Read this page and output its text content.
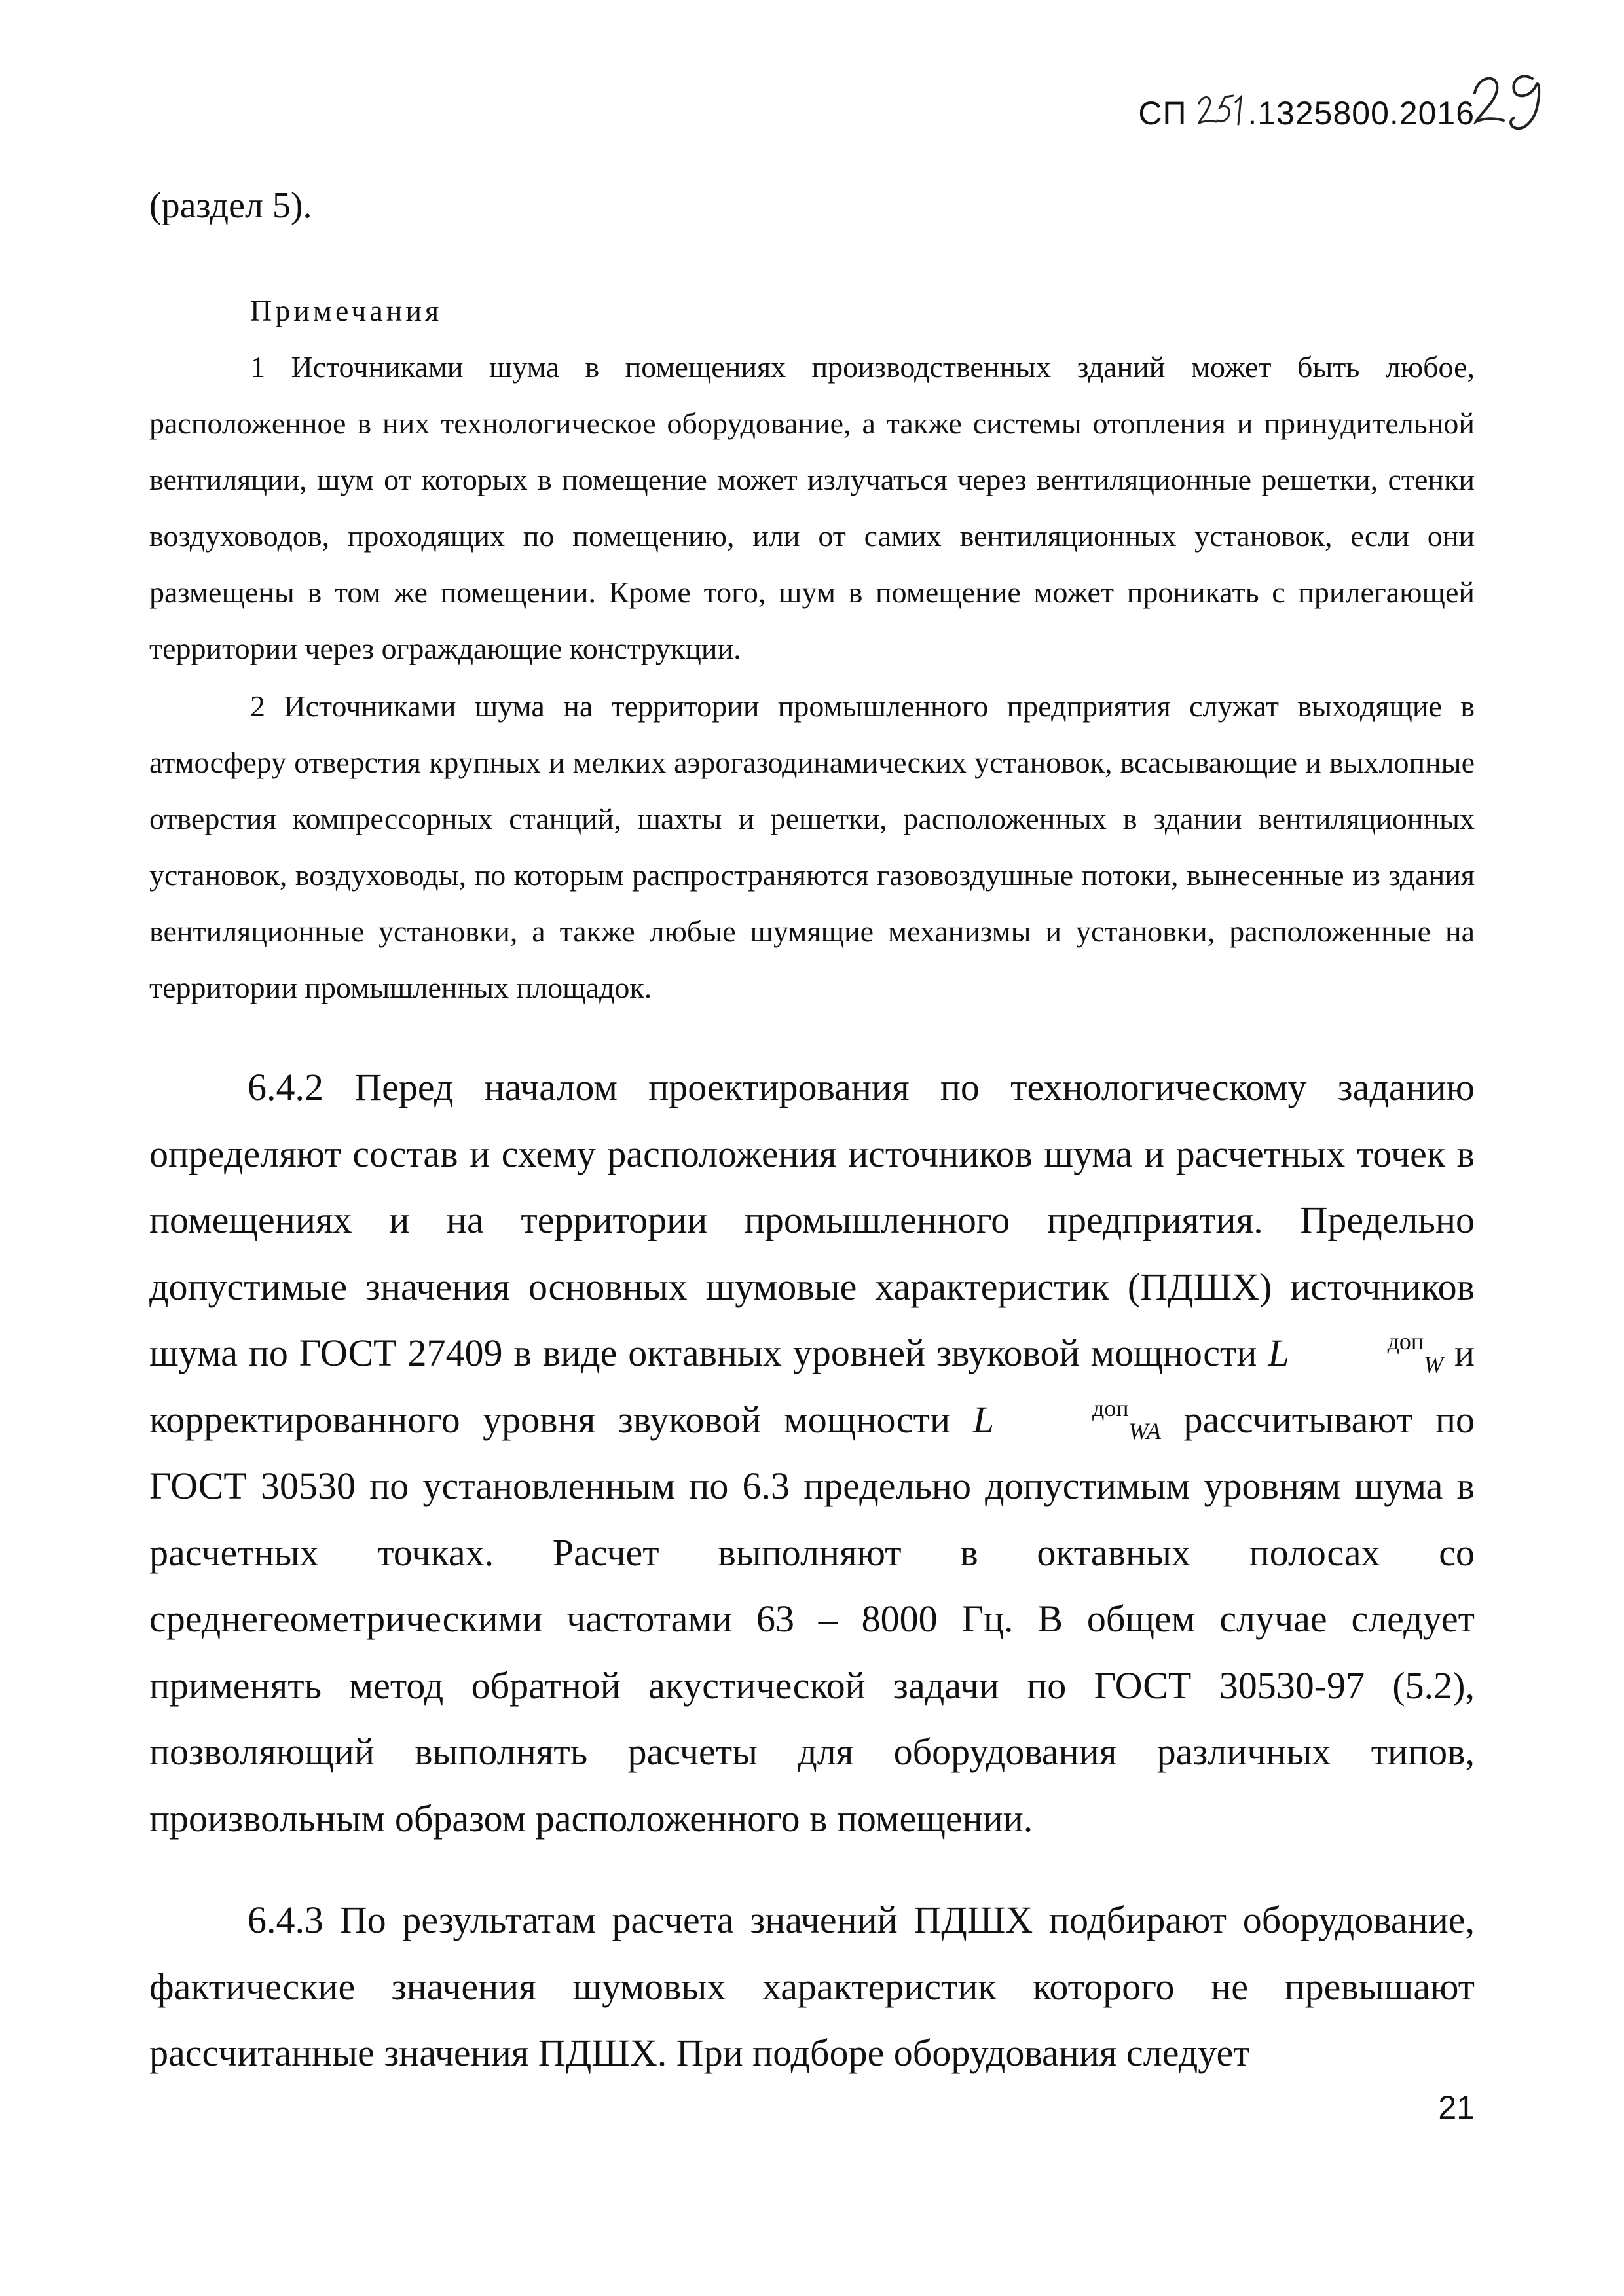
СП .1325800.2016
(раздел 5).
Примечания

1 Источниками шума в помещениях производственных зданий может быть любое, расположенное в них технологическое оборудование, а также системы отопления и принудительной вентиляции, шум от которых в помещение может излучаться через вентиляционные решетки, стенки воздуховодов, проходящих по помещению, или от самих вентиляционных установок, если они размещены в том же помещении. Кроме того, шум в помещение может проникать с прилегающей территории через ограждающие конструкции.

2 Источниками шума на территории промышленного предприятия служат выходящие в атмосферу отверстия крупных и мелких аэрогазодинамических установок, всасывающие и выхлопные отверстия компрессорных станций, шахты и решетки, расположенных в здании вентиляционных установок, воздуховоды, по которым распространяются газовоздушные потоки, вынесенные из здания вентиляционные установки, а также любые шумящие механизмы и установки, расположенные на территории промышленных площадок.

6.4.2 Перед началом проектирования по технологическому заданию определяют состав и схему расположения источников шума и расчетных точек в помещениях и на территории промышленного предприятия. Предельно допустимые значения основных шумовые характеристик (ПДШХ) источников шума по ГОСТ 27409 в виде октавных уровней звуковой мощности L	$^{доп}_W$ и корректированного уровня звуковой мощности L	$^{доп}_{WA}$ рассчитывают по ГОСТ 30530 по установленным по 6.3 предельно допустимым уровням шума в расчетных точках. Расчет выполняют в октавных полосах со среднегеометрическими частотами 63 – 8000 Гц. В общем случае следует применять метод обратной акустической задачи по ГОСТ 30530-97 (5.2), позволяющий выполнять расчеты для оборудования различных типов, произвольным образом расположенного в помещении.

6.4.3 По результатам расчета значений ПДШХ подбирают оборудование, фактические значения шумовых характеристик которого не превышают рассчитанные значения ПДШХ. При подборе оборудования следует

21
